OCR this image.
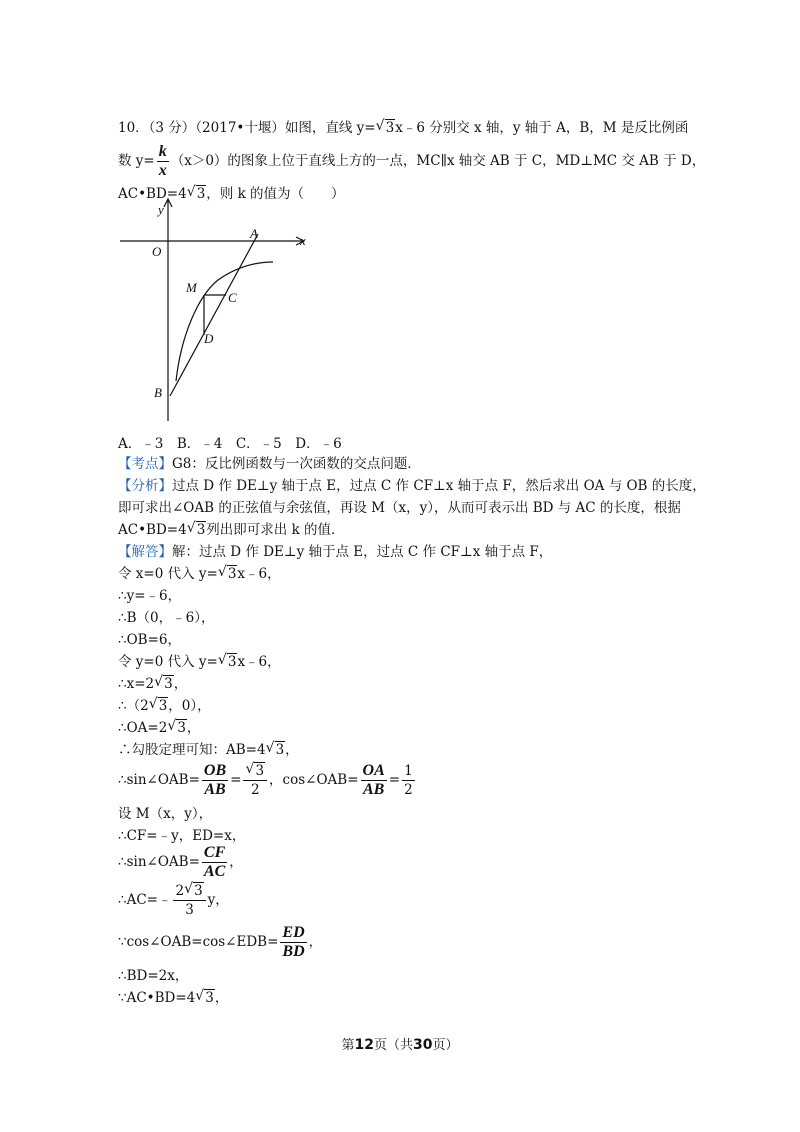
10．（3 分）（2017•十堰）如图，直线 y= √ 3x﹣6 分别交 x 轴，y 轴于 A，B，M 是反比例函
数 $y= \frac{k}{x} (x>0)$的图象上位于直线上方的一点，MC∥x 轴交 AB 于 C，MD⊥MC 交 AB 于 D，
AC•BD=4 √ 3，则 k 的值为（　　）
y
x
O
A
M
C
D
B
A．﹣3　B．﹣4　C．﹣5　D．﹣6
【考点】G8：反比例函数与一次函数的交点问题．
【分析】过点 D 作 DE⊥y 轴于点 E，过点 C 作 CF⊥x 轴于点 F，然后求出 OA 与 OB 的长度，
即可求出∠OAB 的正弦值与余弦值，再设 M（x，y），从而可表示出 BD 与 AC 的长度，根据
AC•BD=4 √ 3列出即可求出 k 的值．
【解答】解：过点 D 作 DE⊥y 轴于点 E，过点 C 作 CF⊥x 轴于点 F，
令 x=0 代入 y= √ 3x﹣6，
∴y=﹣6，
∴B（0，﹣6），
∴OB=6，
令 y=0 代入 y= √ 3x﹣6，
∴x=2 √ 3，
∴（2 √ 3，0），
∴OA=2 √ 3，
∴勾股定理可知：AB=4 √ 3，
∴sin∠OAB= $\frac{OB}{AB}$ = √ $\frac{3}{2}$ ，cos∠OAB= $\frac{OA}{AB} = \frac{1}{2}$
设 M（x，y），
∴CF=﹣y，ED=x，
∴sin∠OAB= $\frac{CF}{AC}$ ，
∴AC=﹣ $\frac{2 √ 3}{3}$ y，
∵cos∠OAB=cos∠EDB= $\frac{ED}{BD}$ ，
∴BD=2x，
∵AC•BD=4 √ 3，
第12页（共30页）
